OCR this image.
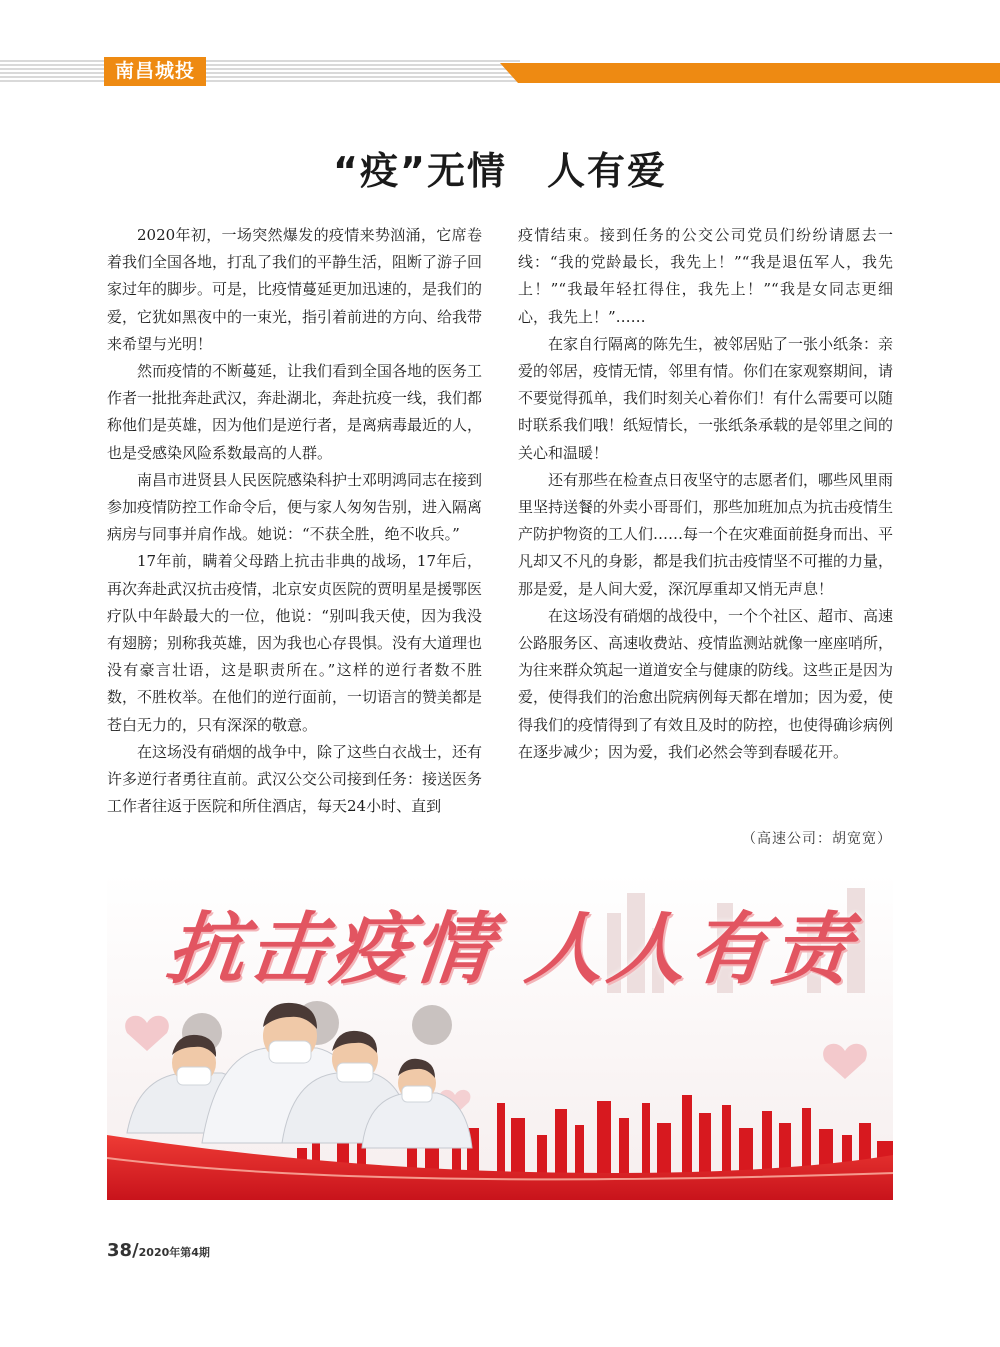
南昌城投
“疫”无情　人有爱

2020年初，一场突然爆发的疫情来势汹涌，它席卷着我们全国各地，打乱了我们的平静生活，阻断了游子回家过年的脚步。可是，比疫情蔓延更加迅速的，是我们的爱，它犹如黑夜中的一束光，指引着前进的方向、给我带来希望与光明！

然而疫情的不断蔓延，让我们看到全国各地的医务工作者一批批奔赴武汉，奔赴湖北，奔赴抗疫一线，我们都称他们是英雄，因为他们是逆行者，是离病毒最近的人，也是受感染风险系数最高的人群。

南昌市进贤县人民医院感染科护士邓明鸿同志在接到参加疫情防控工作命令后，便与家人匆匆告别，进入隔离病房与同事并肩作战。她说：“不获全胜，绝不收兵。”

17年前，瞒着父母踏上抗击非典的战场，17年后，再次奔赴武汉抗击疫情，北京安贞医院的贾明星是援鄂医疗队中年龄最大的一位，他说：“别叫我天使，因为我没有翅膀；别称我英雄，因为我也心存畏惧。没有大道理也没有豪言壮语，这是职责所在。”这样的逆行者数不胜数，不胜枚举。在他们的逆行面前，一切语言的赞美都是苍白无力的，只有深深的敬意。

在这场没有硝烟的战争中，除了这些白衣战士，还有许多逆行者勇往直前。武汉公交公司接到任务：接送医务工作者往返于医院和所住酒店，每天24小时、直到

疫情结束。接到任务的公交公司党员们纷纷请愿去一线：“我的党龄最长，我先上！”“我是退伍军人，我先上！”“我最年轻扛得住，我先上！”“我是女同志更细心，我先上！”……

在家自行隔离的陈先生，被邻居贴了一张小纸条：亲爱的邻居，疫情无情，邻里有情。你们在家观察期间，请不要觉得孤单，我们时刻关心着你们！有什么需要可以随时联系我们哦！纸短情长，一张纸条承载的是邻里之间的关心和温暖！

还有那些在检查点日夜坚守的志愿者们，哪些风里雨里坚持送餐的外卖小哥哥们，那些加班加点为抗击疫情生产防护物资的工人们……每一个在灾难面前挺身而出、平凡却又不凡的身影，都是我们抗击疫情坚不可摧的力量，那是爱，是人间大爱，深沉厚重却又悄无声息！

在这场没有硝烟的战役中，一个个社区、超市、高速公路服务区、高速收费站、疫情监测站就像一座座哨所，为往来群众筑起一道道安全与健康的防线。这些正是因为爱，使得我们的治愈出院病例每天都在增加；因为爱，使得我们的疫情得到了有效且及时的防控，也使得确诊病例在逐步减少；因为爱，我们必然会等到春暖花开。

（高速公司：胡宽宽）
抗击疫情 人人有责
38/2020年第4期
